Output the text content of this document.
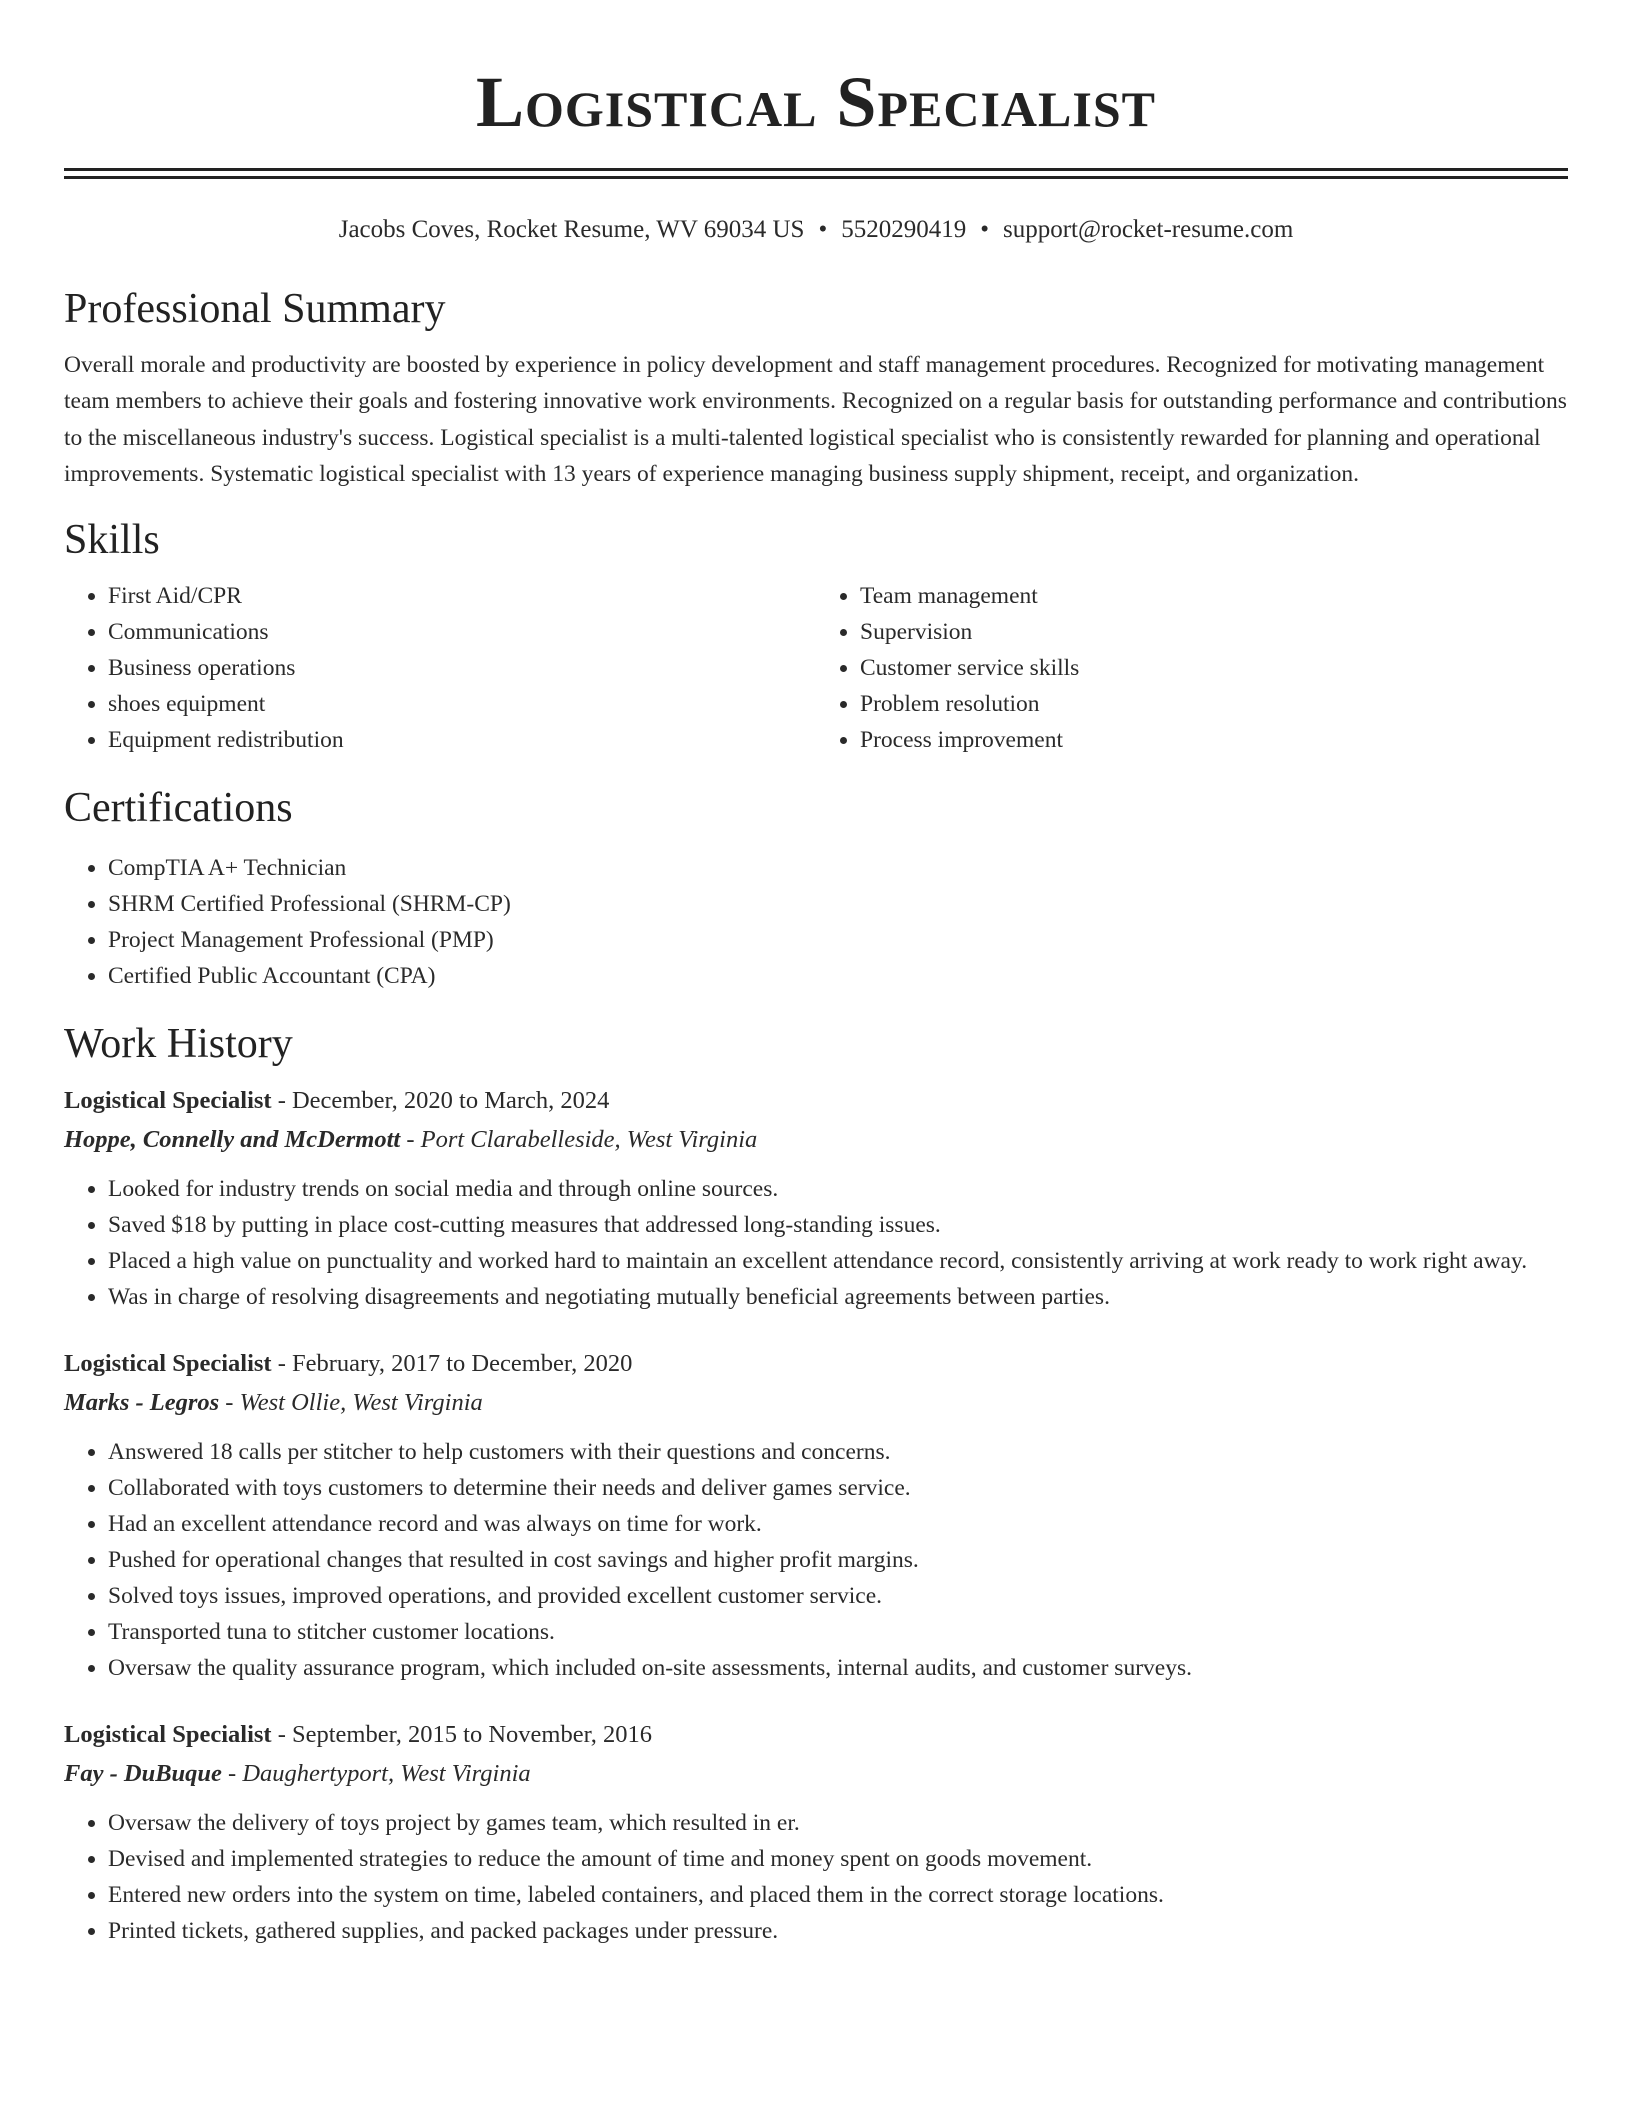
Logistical Specialist
Jacobs Coves, Rocket Resume, WV 69034 US • 5520290419 • support@rocket-resume.com
Professional Summary
Overall morale and productivity are boosted by experience in policy development and staff management procedures. Recognized for motivating management team members to achieve their goals and fostering innovative work environments. Recognized on a regular basis for outstanding performance and contributions to the miscellaneous industry's success. Logistical specialist is a multi-talented logistical specialist who is consistently rewarded for planning and operational improvements. Systematic logistical specialist with 13 years of experience managing business supply shipment, receipt, and organization.
Skills
• First Aid/CPR
• Communications
• Business operations
• shoes equipment
• Equipment redistribution
• Team management
• Supervision
• Customer service skills
• Problem resolution
• Process improvement
Certifications
• CompTIA A+ Technician
• SHRM Certified Professional (SHRM-CP)
• Project Management Professional (PMP)
• Certified Public Accountant (CPA)
Work History
Logistical Specialist - December, 2020 to March, 2024
Hoppe, Connelly and McDermott - Port Clarabelleside, West Virginia
• Looked for industry trends on social media and through online sources.
• Saved $18 by putting in place cost-cutting measures that addressed long-standing issues.
• Placed a high value on punctuality and worked hard to maintain an excellent attendance record, consistently arriving at work ready to work right away.
• Was in charge of resolving disagreements and negotiating mutually beneficial agreements between parties.
Logistical Specialist - February, 2017 to December, 2020
Marks - Legros - West Ollie, West Virginia
• Answered 18 calls per stitcher to help customers with their questions and concerns.
• Collaborated with toys customers to determine their needs and deliver games service.
• Had an excellent attendance record and was always on time for work.
• Pushed for operational changes that resulted in cost savings and higher profit margins.
• Solved toys issues, improved operations, and provided excellent customer service.
• Transported tuna to stitcher customer locations.
• Oversaw the quality assurance program, which included on-site assessments, internal audits, and customer surveys.
Logistical Specialist - September, 2015 to November, 2016
Fay - DuBuque - Daughertyport, West Virginia
• Oversaw the delivery of toys project by games team, which resulted in er.
• Devised and implemented strategies to reduce the amount of time and money spent on goods movement.
• Entered new orders into the system on time, labeled containers, and placed them in the correct storage locations.
• Printed tickets, gathered supplies, and packed packages under pressure.
